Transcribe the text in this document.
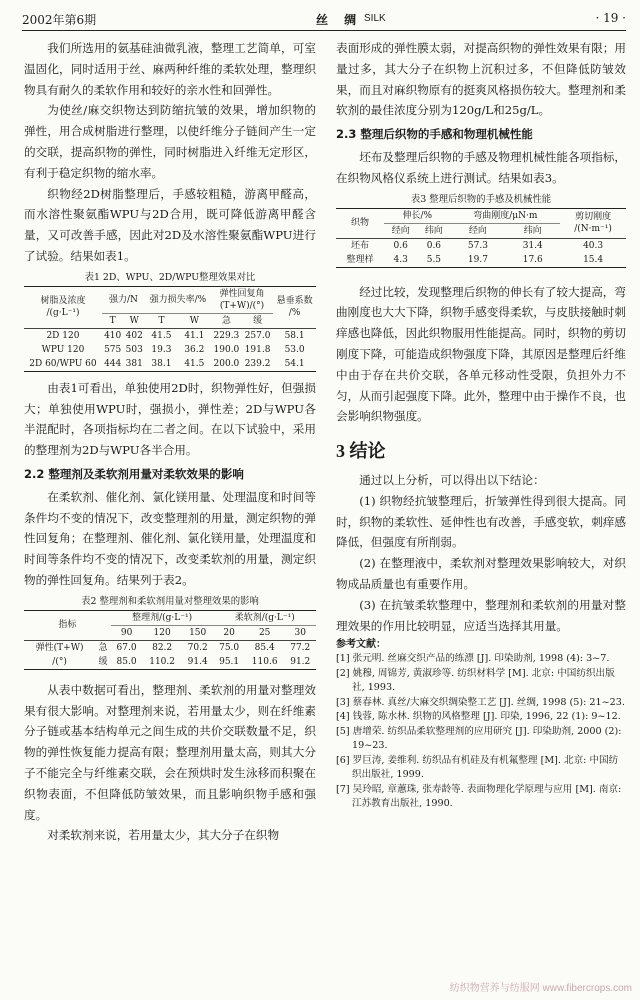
2002年第6期	丝 绸 SILK	· 19 ·

我们所选用的氨基硅油微乳液，整理工艺简单，可室温固化，同时适用于丝、麻两种纤维的柔软处理，整理织物具有耐久的柔软作用和较好的亲水性和回弹性。

为使丝/麻交织物达到防缩抗皱的效果，增加织物的弹性，用合成树脂进行整理，以使纤维分子链间产生一定的交联，提高织物的弹性，同时树脂进入纤维无定形区，有利于稳定织物的缩水率。

织物经2D树脂整理后，手感较粗糙，游离甲醛高，而水溶性聚氨酯WPU与2D合用，既可降低游离甲醛含量，又可改善手感，因此对2D及水溶性聚氨酯WPU进行了试验。结果如表1。

表1 2D、WPU、2D/WPU整理效果对比
树脂及浓度
/(g·L⁻¹)	强力/N		强力损失率/%		弹性回复角
(T+W)/(°)		悬垂系数
/%
	T	W	T	W	急	缓	
2D 120	410	402	41.5	41.1	229.3	257.0	58.1
WPU 120	575	503	19.3	36.2	190.0	191.8	53.0
2D 60/WPU 60	444	381	38.1	41.5	200.0	239.2	54.1

由表1可看出，单独使用2D时，织物弹性好，但强损大；单独使用WPU时，强损小，弹性差；2D与WPU各半混配时，各项指标均在二者之间。在以下试验中，采用的整理剂为2D与WPU各半合用。

2.2 整理剂及柔软剂用量对柔软效果的影响

在柔软剂、催化剂、氯化镁用量、处理温度和时间等条件均不变的情况下，改变整理剂的用量，测定织物的弹性回复角；在整理剂、催化剂、氯化镁用量，处理温度和时间等条件均不变的情况下，改变柔软剂的用量，测定织物的弹性回复角。结果列于表2。

表2 整理剂和柔软剂用量对整理效果的影响
指标		整理剂/(g·L⁻¹)			柔软剂/(g·L⁻¹)		
		90	120	150	20	25	30
弹性(T+W)	急	67.0	82.2	70.2	75.0	85.4	77.2
/(°)	缓	85.0	110.2	91.4	95.1	110.6	91.2

从表中数据可看出，整理剂、柔软剂的用量对整理效果有很大影响。对整理剂来说，若用量太少，则在纤维素分子链或基本结构单元之间生成的共价交联数量不足，织物的弹性恢复能力提高有限；整理剂用量太高，则其大分子不能完全与纤维素交联，会在预烘时发生泳移而积聚在织物表面，不但降低防皱效果，而且影响织物手感和强度。

对柔软剂来说，若用量太少，其大分子在织物

表面形成的弹性膜太弱，对提高织物的弹性效果有限；用量过多，其大分子在织物上沉积过多，不但降低防皱效果，而且对麻织物原有的挺爽风格损伤较大。整理剂和柔软剂的最佳浓度分别为120g/L和25g/L。

2.3 整理后织物的手感和物理机械性能

坯布及整理后织物的手感及物理机械性能各项指标，在织物风格仪系统上进行测试。结果如表3。

表3 整理后织物的手感及机械性能
织物	伸长/%		弯曲刚度/μN·m		剪切刚度
/(N·m⁻¹)
	经向	纬向	经向	纬向	
坯布	0.6	0.6	57.3	31.4	40.3
整理样	4.3	5.5	19.7	17.6	15.4

经过比较，发现整理后织物的伸长有了较大提高，弯曲刚度也大大下降，织物手感变得柔软，与皮肤接触时刺痒感也降低，因此织物服用性能提高。同时，织物的剪切刚度下降，可能造成织物强度下降，其原因是整理后纤维中由于存在共价交联，各单元移动性受限，负担外力不匀，从而引起强度下降。此外，整理中由于操作不良，也会影响织物强度。

3 结论

通过以上分析，可以得出以下结论：

(1) 织物经抗皱整理后，折皱弹性得到很大提高。同时，织物的柔软性、延伸性也有改善，手感变软，刺痒感降低，但强度有所削弱。

(2) 在整理液中，柔软剂对整理效果影响较大，对织物成品质量也有重要作用。

(3) 在抗皱柔软整理中，整理剂和柔软剂的用量对整理效果的作用比较明显，应适当选择其用量。

参考文献：
[1] 张元明. 丝麻交织产品的练漂 [J]. 印染助剂, 1998 (4): 3~7.
[2] 姚穆, 周锦芳, 黄淑珍等. 纺织材料学 [M]. 北京: 中国纺织出版社, 1993.
[3] 蔡春林. 真丝/大麻交织绸染整工艺 [J]. 丝绸, 1998 (5): 21~23.
[4] 钱蓉, 陈水林. 织物的风格整理 [J]. 印染, 1996, 22 (1): 9~12.
[5] 唐增荣. 纺织品柔软整理剂的应用研究 [J]. 印染助剂, 2000 (2): 19~23.
[6] 罗巨涛, 姜维利. 纺织品有机硅及有机氟整理 [M]. 北京: 中国纺织出版社, 1999.
[7] 吴玲昭, 章蕙珠, 张寿龄等. 表面物理化学原理与应用 [M]. 南京: 江苏教育出版社, 1990.
纺织物营养与纺服网 www.fibercrops.com
